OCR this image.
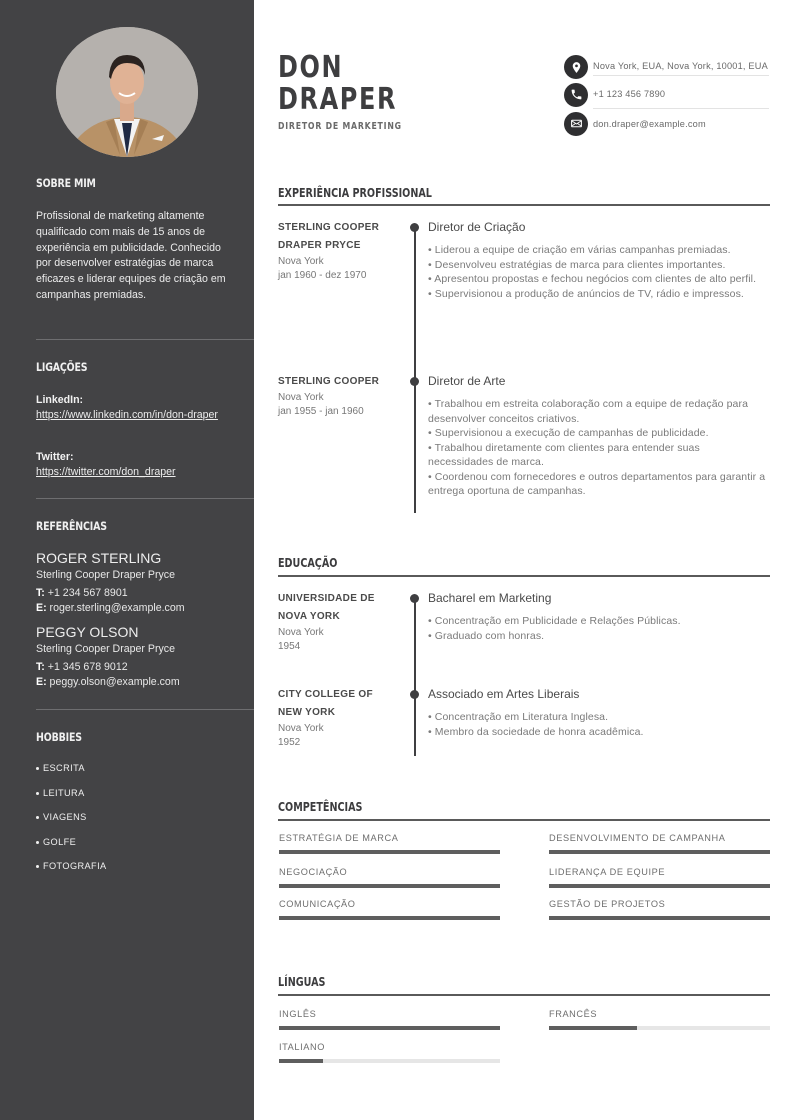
SOBRE MIM

Profissional de marketing altamente qualificado com mais de 15 anos de experiência em publicidade. Conhecido por desenvolver estratégias de marca eficazes e liderar equipes de criação em campanhas premiadas.

LIGAÇÕES
LinkedIn:
https://www.linkedin.com/in/don-draper
Twitter:
https://twitter.com/don_draper
REFERÊNCIAS
ROGER STERLING
Sterling Cooper Draper Pryce
T: +1 234 567 8901
E: roger.sterling@example.com
PEGGY OLSON
Sterling Cooper Draper Pryce
T: +1 345 678 9012
E: peggy.olson@example.com
HOBBIES
ESCRITA
LEITURA
VIAGENS
GOLFE
FOTOGRAFIA
DON
DRAPER
DIRETOR DE MARKETING
Nova York, EUA, Nova York, 10001, EUA
+1 123 456 7890
don.draper@example.com
EXPERIÊNCIA PROFISSIONAL
STERLING COOPER
DRAPER PRYCE
Nova York
jan 1960 - dez 1970
Diretor de Criação
• Liderou a equipe de criação em várias campanhas premiadas.
• Desenvolveu estratégias de marca para clientes importantes.
• Apresentou propostas e fechou negócios com clientes de alto perfil.
• Supervisionou a produção de anúncios de TV, rádio e impressos.
STERLING COOPER
Nova York
jan 1955 - jan 1960
Diretor de Arte
• Trabalhou em estreita colaboração com a equipe de redação para desenvolver conceitos criativos.
• Supervisionou a execução de campanhas de publicidade.
• Trabalhou diretamente com clientes para entender suas necessidades de marca.
• Coordenou com fornecedores e outros departamentos para garantir a entrega oportuna de campanhas.
EDUCAÇÃO
UNIVERSIDADE DE
NOVA YORK
Nova York
1954
Bacharel em Marketing
• Concentração em Publicidade e Relações Públicas.
• Graduado com honras.
CITY COLLEGE OF
NEW YORK
Nova York
1952
Associado em Artes Liberais
• Concentração em Literatura Inglesa.
• Membro da sociedade de honra acadêmica.
COMPETÊNCIAS
ESTRATÉGIA DE MARCA	DESENVOLVIMENTO DE CAMPANHA
NEGOCIAÇÃO	LIDERANÇA DE EQUIPE
COMUNICAÇÃO	GESTÃO DE PROJETOS
LÍNGUAS
INGLÊS	FRANCÊS
ITALIANO
